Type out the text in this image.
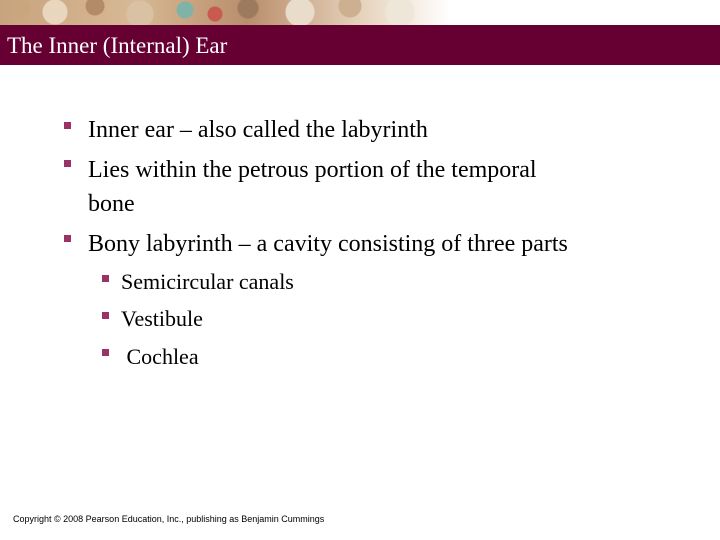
The Inner (Internal) Ear
Inner ear – also called the labyrinth
Lies within the petrous portion of the temporal
bone
Bony labyrinth – a cavity consisting of three parts
Semicircular canals
Vestibule
Cochlea
Copyright © 2008 Pearson Education, Inc., publishing as Benjamin Cummings
